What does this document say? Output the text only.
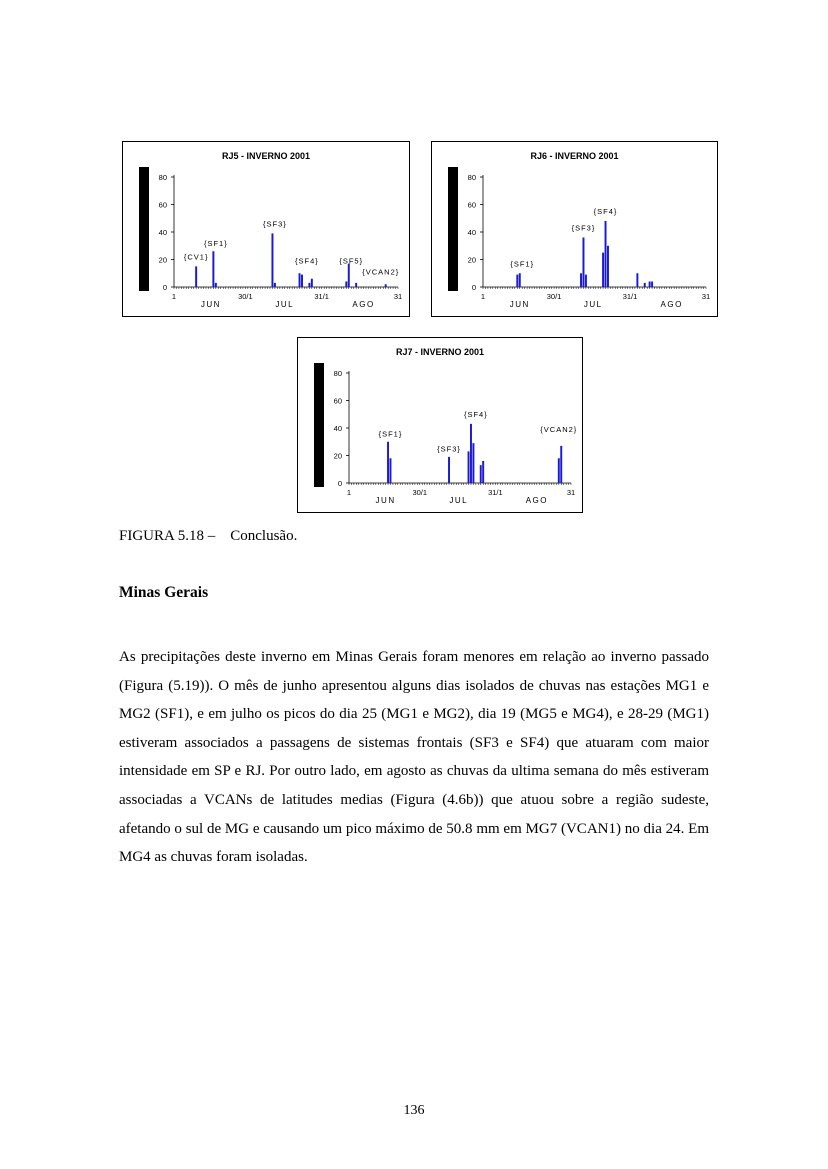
RJ5 - INVERNO 2001
0
20
40
60
80
1	30/1	31/1	31
JUN	JUL	AGO
{CV1}
{SF1}
{SF3}
{SF4}	{SF5}
{VCAN2}
RJ6 - INVERNO 2001
0
20
40
60
80
1	30/1	31/1	31
JUN	JUL	AGO
{SF1}
{SF3}
{SF4}
RJ7 - INVERNO 2001
0
20
40
60
80
1	30/1	31/1	31
JUN	JUL	AGO
{SF1}
{SF3}
{SF4}
{VCAN2}
FIGURA 5.18 –    Conclusão.
Minas Gerais
As precipitações deste inverno em Minas Gerais foram menores em relação ao inverno passado (Figura (5.19)). O mês de junho apresentou alguns dias isolados de chuvas nas estações MG1 e MG2 (SF1), e em julho os picos do dia 25 (MG1 e MG2), dia 19 (MG5 e MG4), e 28-29 (MG1) estiveram associados a passagens de sistemas frontais (SF3 e SF4) que atuaram com maior intensidade em SP e RJ. Por outro lado, em agosto as chuvas da ultima semana do mês estiveram associadas a VCANs de latitudes medias (Figura (4.6b)) que atuou sobre a região sudeste, afetando o sul de MG e causando um pico máximo de 50.8 mm em MG7 (VCAN1) no dia 24. Em MG4 as chuvas foram isoladas.
136
